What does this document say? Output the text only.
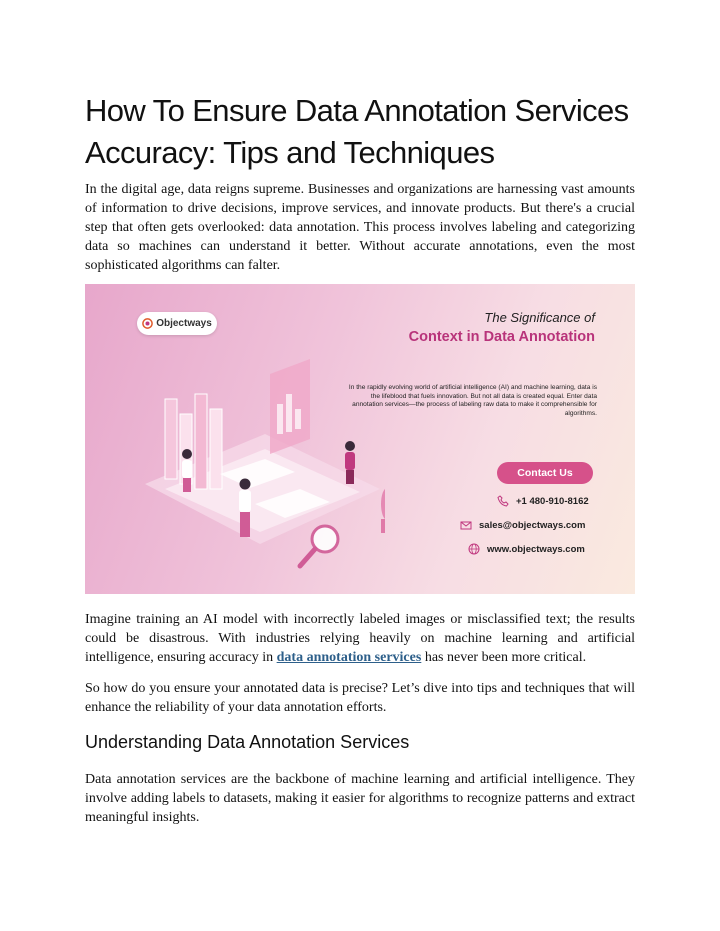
How To Ensure Data Annotation Services Accuracy: Tips and Techniques

In the digital age, data reigns supreme. Businesses and organizations are harnessing vast amounts of information to drive decisions, improve services, and innovate products. But there's a crucial step that often gets overlooked: data annotation. This process involves labeling and categorizing data so machines can understand it better. Without accurate annotations, even the most sophisticated algorithms can falter.

Objectways	The Significance of
Context in Data Annotation
In the rapidly evolving world of artificial intelligence (AI) and machine learning, data is the lifeblood that fuels innovation. But not all data is created equal. Enter data annotation services—the process of labeling raw data to make it comprehensible for algorithms.
Contact Us
+1 480-910-8162
sales@objectways.com
www.objectways.com

Imagine training an AI model with incorrectly labeled images or misclassified text; the results could be disastrous. With industries relying heavily on machine learning and artificial intelligence, ensuring accuracy in data annotation services has never been more critical.

So how do you ensure your annotated data is precise? Let’s dive into tips and techniques that will enhance the reliability of your data annotation efforts.

Understanding Data Annotation Services

Data annotation services are the backbone of machine learning and artificial intelligence. They involve adding labels to datasets, making it easier for algorithms to recognize patterns and extract meaningful insights.
